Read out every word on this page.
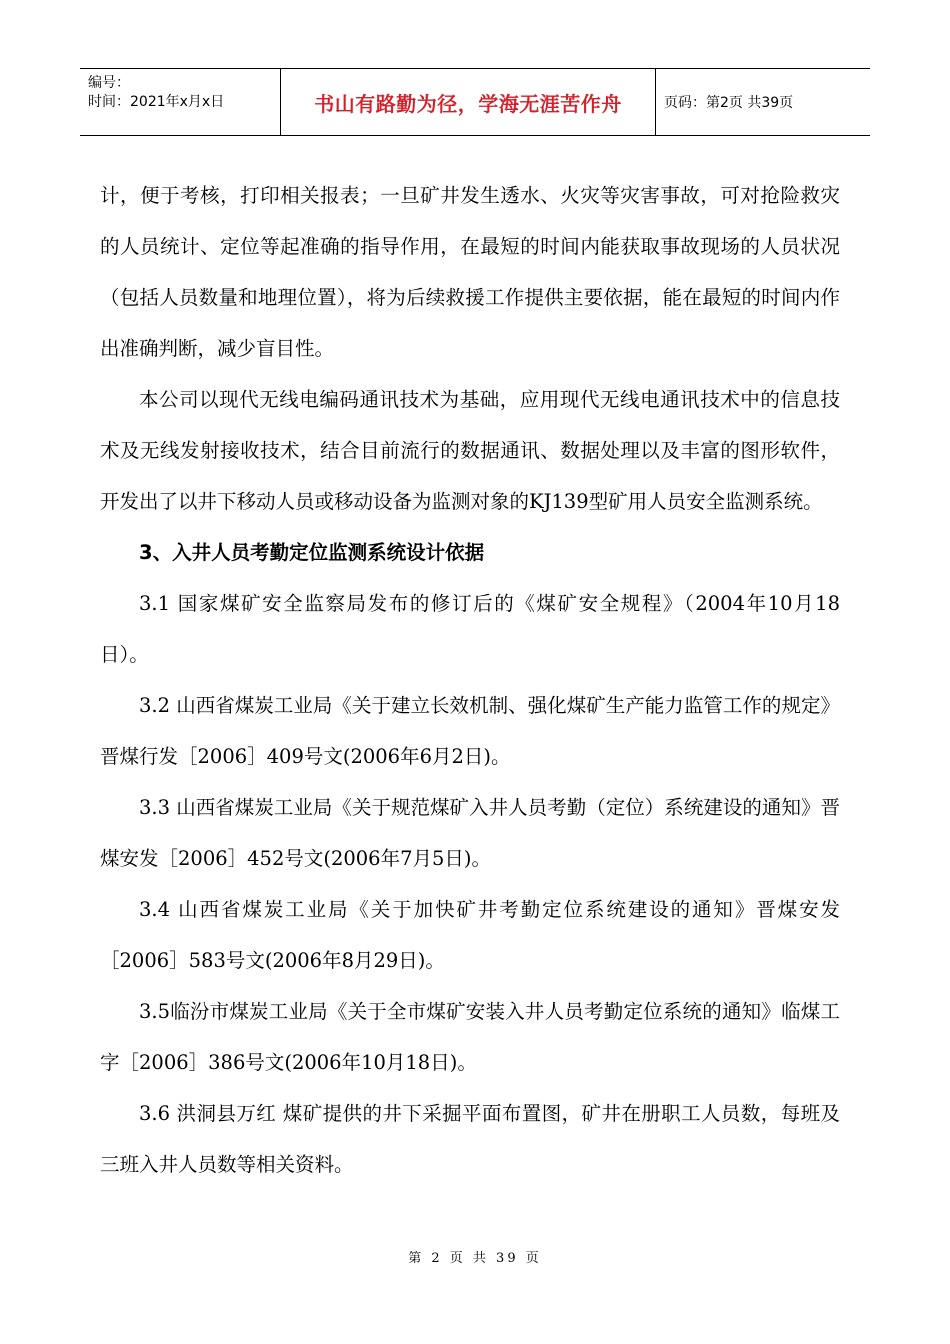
编号：
时间：2021年x月x日	书山有路勤为径，学海无涯苦作舟	页码：第2页 共39页

计，便于考核，打印相关报表；一旦矿井发生透水、火灾等灾害事故，可对抢险救灾的人员统计、定位等起准确的指导作用，在最短的时间内能获取事故现场的人员状况（包括人员数量和地理位置），将为后续救援工作提供主要依据，能在最短的时间内作出准确判断，减少盲目性。

本公司以现代无线电编码通讯技术为基础，应用现代无线电通讯技术中的信息技术及无线发射接收技术，结合目前流行的数据通讯、数据处理以及丰富的图形软件，开发出了以井下移动人员或移动设备为监测对象的KJ139型矿用人员安全监测系统。

3、入井人员考勤定位监测系统设计依据

3.1 国家煤矿安全监察局发布的修订后的《煤矿安全规程》（2004年10月18日）。

3.2 山西省煤炭工业局《关于建立长效机制、强化煤矿生产能力监管工作的规定》晋煤行发［2006］409号文(2006年6月2日)。

3.3 山西省煤炭工业局《关于规范煤矿入井人员考勤（定位）系统建设的通知》晋 煤安发［2006］452号文(2006年7月5日)。

3.4 山西省煤炭工业局《关于加快矿井考勤定位系统建设的通知》晋煤安发［2006］583号文(2006年8月29日)。

3.5临汾市煤炭工业局《关于全市煤矿安装入井人员考勤定位系统的通知》临煤工字［2006］386号文(2006年10月18日)。

3.6 洪洞县万红 煤矿提供的井下采掘平面布置图，矿井在册职工人员数，每班及三班入井人员数等相关资料。

第 2 页 共 39 页
